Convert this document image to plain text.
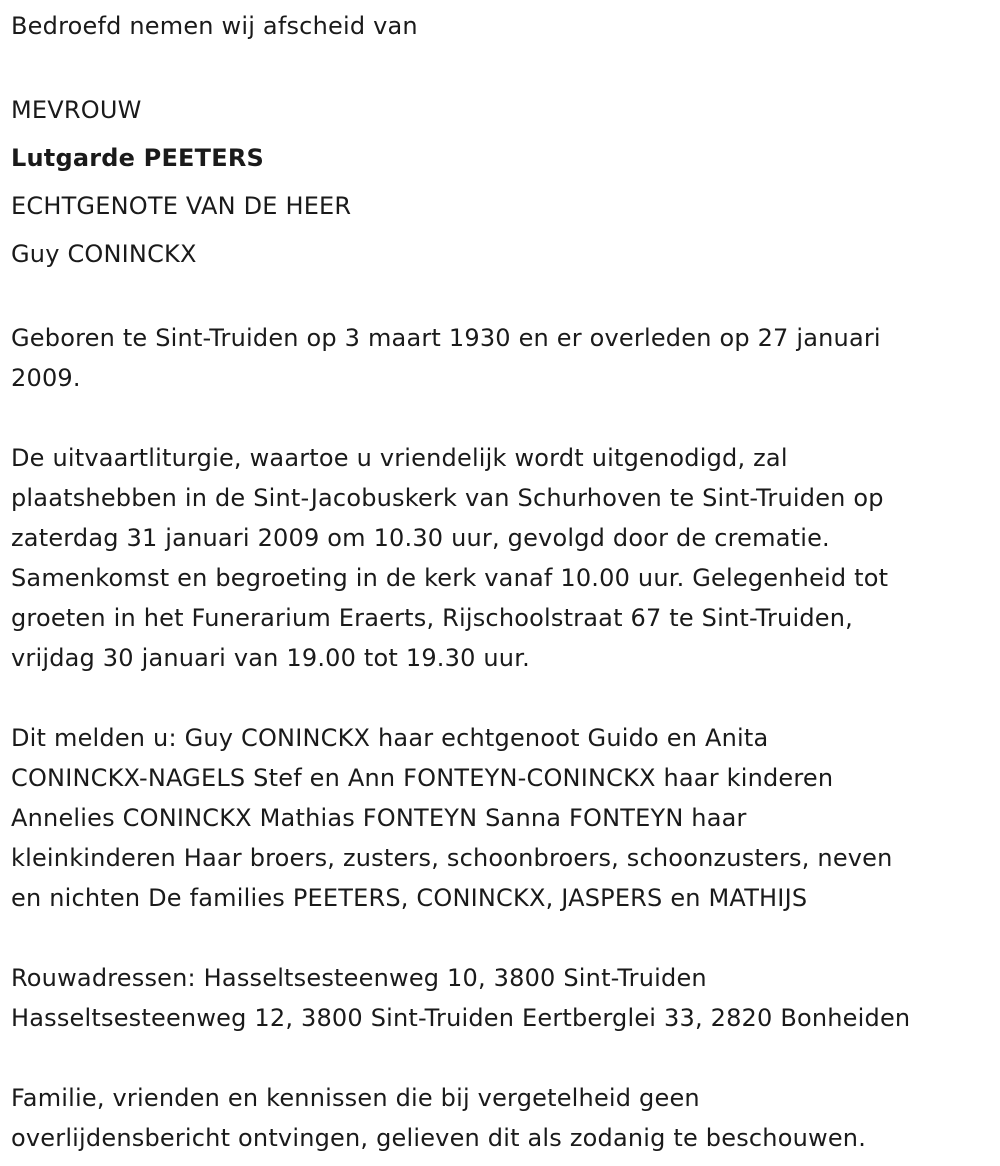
Bedroefd nemen wij afscheid van

MEVROUW

Lutgarde PEETERS

ECHTGENOTE VAN DE HEER

Guy CONINCKX

Geboren te Sint-Truiden op 3 maart 1930 en er overleden op 27 januari

2009.

De uitvaartliturgie, waartoe u vriendelijk wordt uitgenodigd, zal

plaatshebben in de Sint-Jacobuskerk van Schurhoven te Sint-Truiden op

zaterdag 31 januari 2009 om 10.30 uur, gevolgd door de crematie.

Samenkomst en begroeting in de kerk vanaf 10.00 uur. Gelegenheid tot

groeten in het Funerarium Eraerts, Rijschoolstraat 67 te Sint-Truiden,

vrijdag 30 januari van 19.00 tot 19.30 uur.

Dit melden u: Guy CONINCKX haar echtgenoot Guido en Anita

CONINCKX-NAGELS Stef en Ann FONTEYN-CONINCKX haar kinderen

Annelies CONINCKX Mathias FONTEYN Sanna FONTEYN haar

kleinkinderen Haar broers, zusters, schoonbroers, schoonzusters, neven

en nichten De families PEETERS, CONINCKX, JASPERS en MATHIJS

Rouwadressen: Hasseltsesteenweg 10, 3800 Sint-Truiden

Hasseltsesteenweg 12, 3800 Sint-Truiden Eertberglei 33, 2820 Bonheiden

Familie, vrienden en kennissen die bij vergetelheid geen

overlijdensbericht ontvingen, gelieven dit als zodanig te beschouwen.
